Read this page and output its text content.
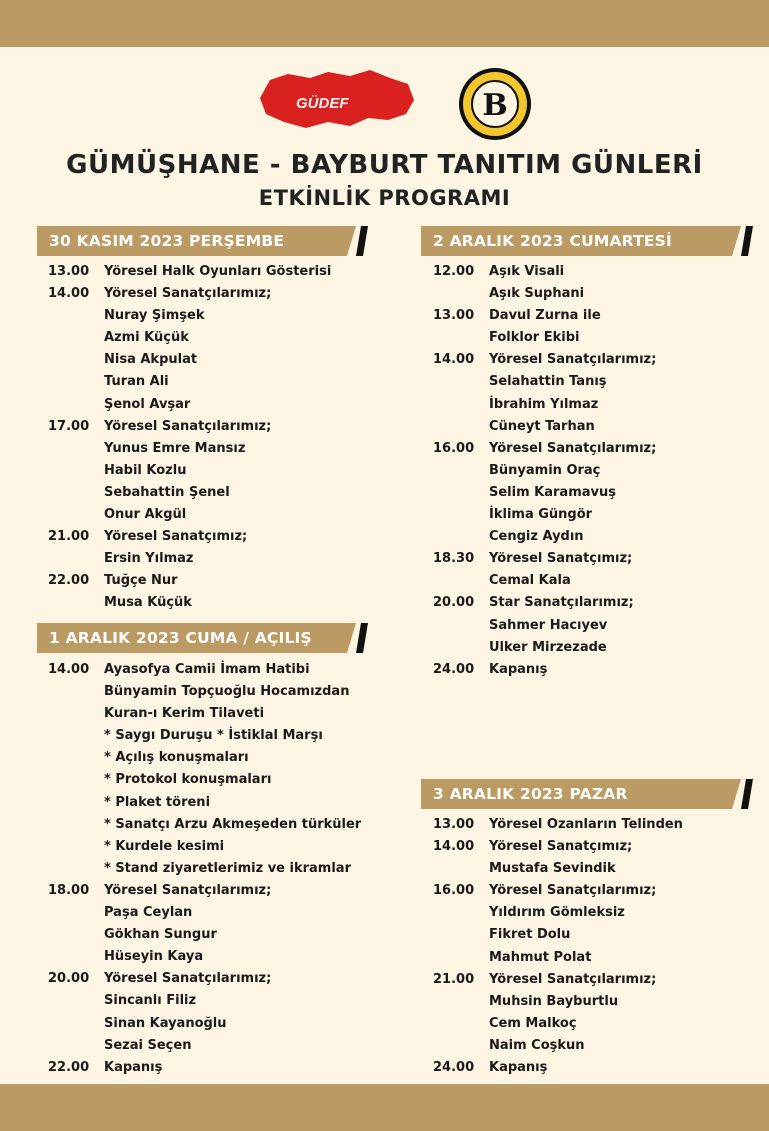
GÜDEF	B
GÜMÜŞHANE - BAYBURT TANITIM GÜNLERİ
ETKİNLİK PROGRAMI
30 KASIM 2023 PERŞEMBE
13.00 Yöresel Halk Oyunları Gösterisi
14.00 Yöresel Sanatçılarımız;
Nuray Şimşek
Azmi Küçük
Nisa Akpulat
Turan Ali
Şenol Avşar
17.00 Yöresel Sanatçılarımız;
Yunus Emre Mansız
Habil Kozlu
Sebahattin Şenel
Onur Akgül
21.00 Yöresel Sanatçımız;
Ersin Yılmaz
22.00 Tuğçe Nur
Musa Küçük
1 ARALIK 2023 CUMA / AÇILIŞ
14.00 Ayasofya Camii İmam Hatibi
Bünyamin Topçuoğlu Hocamızdan
Kuran-ı Kerim Tilaveti
* Saygı Duruşu * İstiklal Marşı
* Açılış konuşmaları
* Protokol konuşmaları
* Plaket töreni
* Sanatçı Arzu Akmeşeden türküler
* Kurdele kesimi
* Stand ziyaretlerimiz ve ikramlar
18.00 Yöresel Sanatçılarımız;
Paşa Ceylan
Gökhan Sungur
Hüseyin Kaya
20.00 Yöresel Sanatçılarımız;
Sincanlı Filiz
Sinan Kayanoğlu
Sezai Seçen
22.00 Kapanış
2 ARALIK 2023 CUMARTESİ
12.00 Aşık Visali
Aşık Suphani
13.00 Davul Zurna ile
Folklor Ekibi
14.00 Yöresel Sanatçılarımız;
Selahattin Tanış
İbrahim Yılmaz
Cüneyt Tarhan
16.00 Yöresel Sanatçılarımız;
Bünyamin Oraç
Selim Karamavuş
İklima Güngör
Cengiz Aydın
18.30 Yöresel Sanatçımız;
Cemal Kala
20.00 Star Sanatçılarımız;
Sahmer Hacıyev
Ulker Mirzezade
24.00 Kapanış
3 ARALIK 2023 PAZAR
13.00 Yöresel Ozanların Telinden
14.00 Yöresel Sanatçımız;
Mustafa Sevindik
16.00 Yöresel Sanatçılarımız;
Yıldırım Gömleksiz
Fikret Dolu
Mahmut Polat
21.00 Yöresel Sanatçılarımız;
Muhsin Bayburtlu
Cem Malkoç
Naim Coşkun
24.00 Kapanış
